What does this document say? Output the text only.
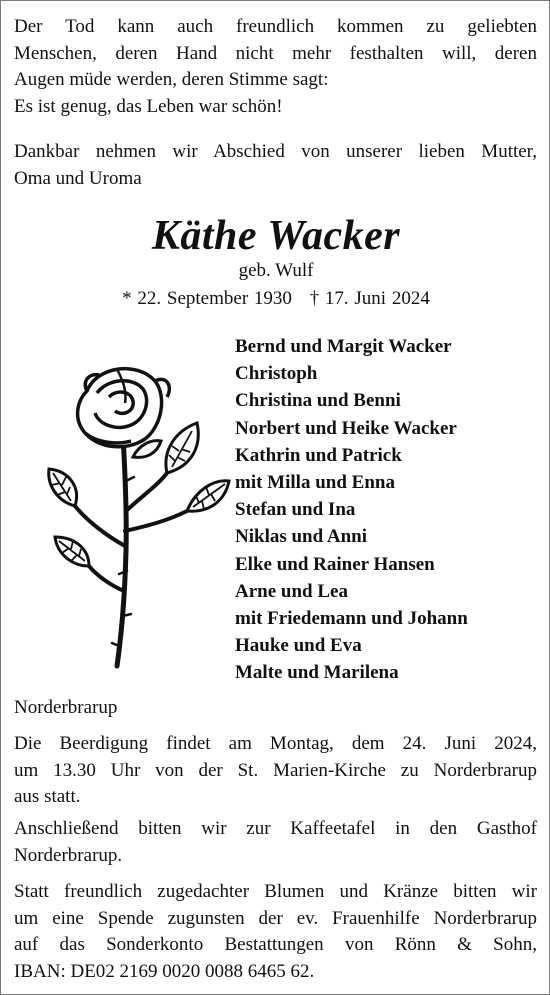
Der Tod kann auch freundlich kommen zu geliebten
Menschen, deren Hand nicht mehr festhalten will, deren
Augen müde werden, deren Stimme sagt:
Es ist genug, das Leben war schön!

Dankbar nehmen wir Abschied von unserer lieben Mutter,
Oma und Uroma

Käthe Wacker
geb. Wulf
* 22. September 1930 † 17. Juni 2024
Bernd und Margit Wacker
Christoph
Christina und Benni
Norbert und Heike Wacker
Kathrin und Patrick
mit Milla und Enna
Stefan und Ina
Niklas und Anni
Elke und Rainer Hansen
Arne und Lea
mit Friedemann und Johann
Hauke und Eva
Malte und Marilena
Norderbrarup

Die Beerdigung findet am Montag, dem 24. Juni 2024,
um 13.30 Uhr von der St. Marien-Kirche zu Norderbrarup
aus statt.

Anschließend bitten wir zur Kaffeetafel in den Gasthof
Norderbrarup.

Statt freundlich zugedachter Blumen und Kränze bitten wir
um eine Spende zugunsten der ev. Frauenhilfe Norderbrarup
auf das Sonderkonto Bestattungen von Rönn & Sohn,
IBAN: DE02 2169 0020 0088 6465 62.
